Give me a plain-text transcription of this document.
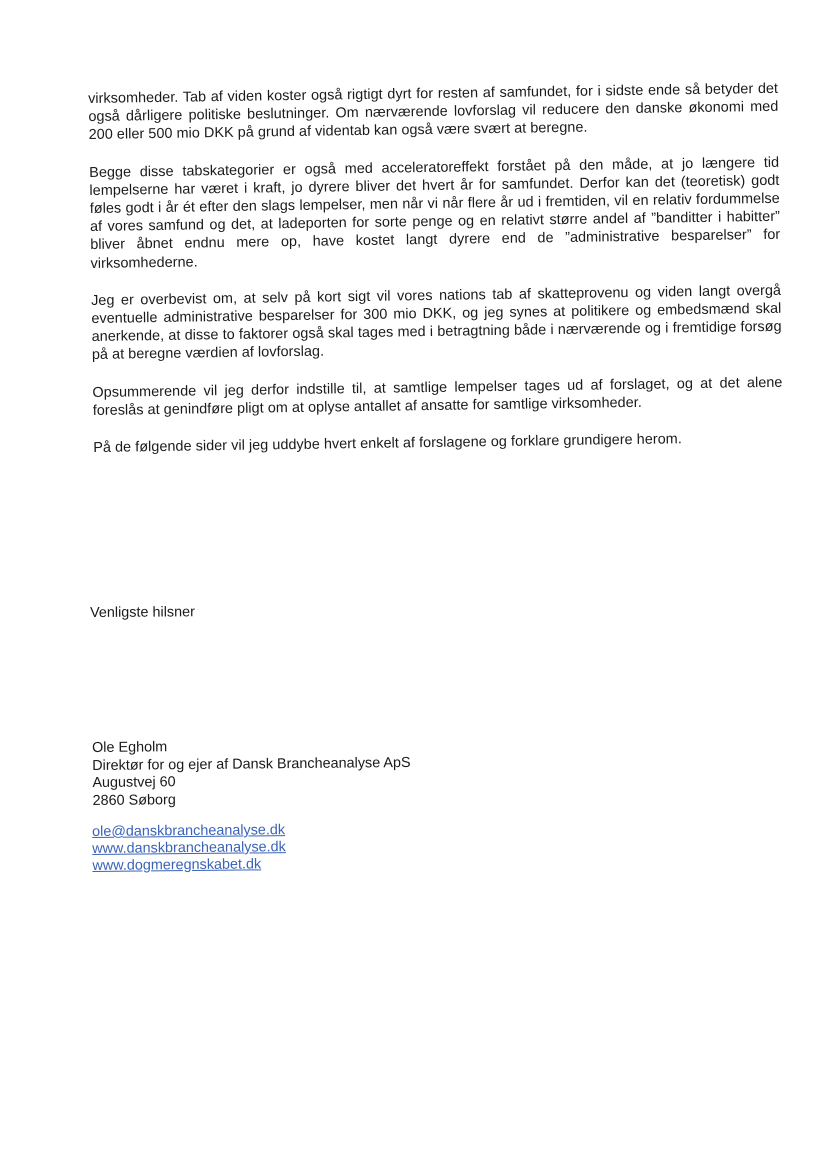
virksomheder. Tab af viden koster også rigtigt dyrt for resten af samfundet, for i sidste ende så betyder det også dårligere politiske beslutninger. Om nærværende lovforslag vil reducere den danske økonomi med 200 eller 500 mio DKK på grund af videntab kan også være svært at beregne.

Begge disse tabskategorier er også med acceleratoreffekt forstået på den måde, at jo længere tid lempelserne har været i kraft, jo dyrere bliver det hvert år for samfundet. Derfor kan det (teoretisk) godt føles godt i år ét efter den slags lempelser, men når vi når flere år ud i fremtiden, vil en relativ fordummelse af vores samfund og det, at ladeporten for sorte penge og en relativt større andel af ”banditter i habitter” bliver åbnet endnu mere op, have kostet langt dyrere end de ”administrative besparelser” for virksomhederne.

Jeg er overbevist om, at selv på kort sigt vil vores nations tab af skatteprovenu og viden langt overgå eventuelle administrative besparelser for 300 mio DKK, og jeg synes at politikere og embedsmænd skal anerkende, at disse to faktorer også skal tages med i betragtning både i nærværende og i fremtidige forsøg på at beregne værdien af lovforslag.

Opsummerende vil jeg derfor indstille til, at samtlige lempelser tages ud af forslaget, og at det alene foreslås at genindføre pligt om at oplyse antallet af ansatte for samtlige virksomheder.

På de følgende sider vil jeg uddybe hvert enkelt af forslagene og forklare grundigere herom.

Venligste hilsner
Ole Egholm
Direktør for og ejer af Dansk Brancheanalyse ApS
Augustvej 60
2860 Søborg
ole@danskbrancheanalyse.dk
www.danskbrancheanalyse.dk
www.dogmeregnskabet.dk
